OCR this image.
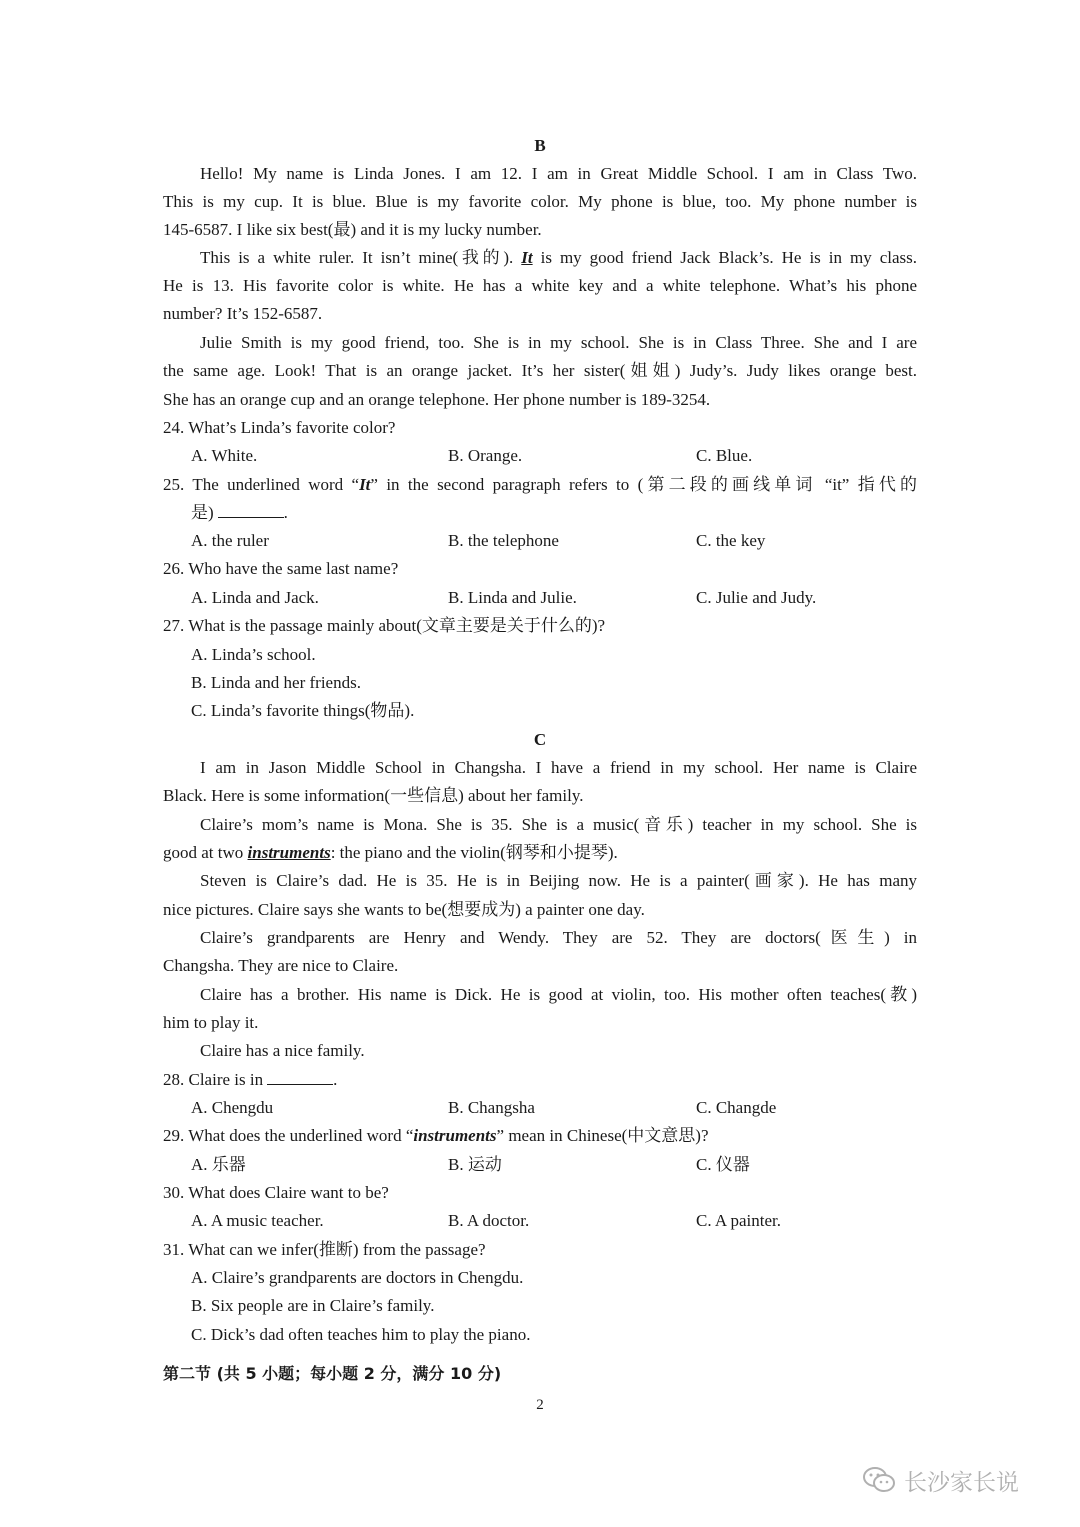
B
Hello! My name is Linda Jones. I am 12. I am in Great Middle School. I am in Class Two.
This is my cup. It is blue. Blue is my favorite color. My phone is blue, too. My phone number is
145-6587. I like six best(最) and it is my lucky number.
This is a white ruler. It isn’t mine(我的). It is my good friend Jack Black’s. He is in my class.
He is 13. His favorite color is white. He has a white key and a white telephone. What’s his phone
number? It’s 152-6587.
Julie Smith is my good friend, too. She is in my school. She is in Class Three. She and I are
the same age. Look! That is an orange jacket. It’s her sister(姐姐) Judy’s. Judy likes orange best.
She has an orange cup and an orange telephone. Her phone number is 189-3254.
24. What’s Linda’s favorite color?
A. White.	B. Orange.	C. Blue.
25. The underlined word “It” in the second paragraph refers to (第二段的画线单词 “it” 指代的
是)	.
A. the ruler	B. the telephone	C. the key
26. Who have the same last name?
A. Linda and Jack.	B. Linda and Julie.	C. Julie and Judy.
27. What is the passage mainly about(文章主要是关于什么的)?
A. Linda’s school.
B. Linda and her friends.
C. Linda’s favorite things(物品).
C
I am in Jason Middle School in Changsha. I have a friend in my school. Her name is Claire
Black. Here is some information(一些信息) about her family.
Claire’s mom’s name is Mona. She is 35. She is a music(音乐) teacher in my school. She is
good at two instruments: the piano and the violin(钢琴和小提琴).
Steven is Claire’s dad. He is 35. He is in Beijing now. He is a painter(画家). He has many
nice pictures. Claire says she wants to be(想要成为) a painter one day.
Claire’s grandparents are Henry and Wendy. They are 52. They are doctors(医生) in
Changsha. They are nice to Claire.
Claire has a brother. His name is Dick. He is good at violin, too. His mother often teaches(教)
him to play it.
Claire has a nice family.
28. Claire is in	.
A. Chengdu	B. Changsha	C. Changde
29. What does the underlined word “instruments” mean in Chinese(中文意思)?
A. 乐器	B. 运动	C. 仪器
30. What does Claire want to be?
A. A music teacher.	B. A doctor.	C. A painter.
31. What can we infer(推断) from the passage?
A. Claire’s grandparents are doctors in Chengdu.
B. Six people are in Claire’s family.
C. Dick’s dad often teaches him to play the piano.
第二节 (共 5 小题；每小题 2 分，满分 10 分)
2
长沙家长说
